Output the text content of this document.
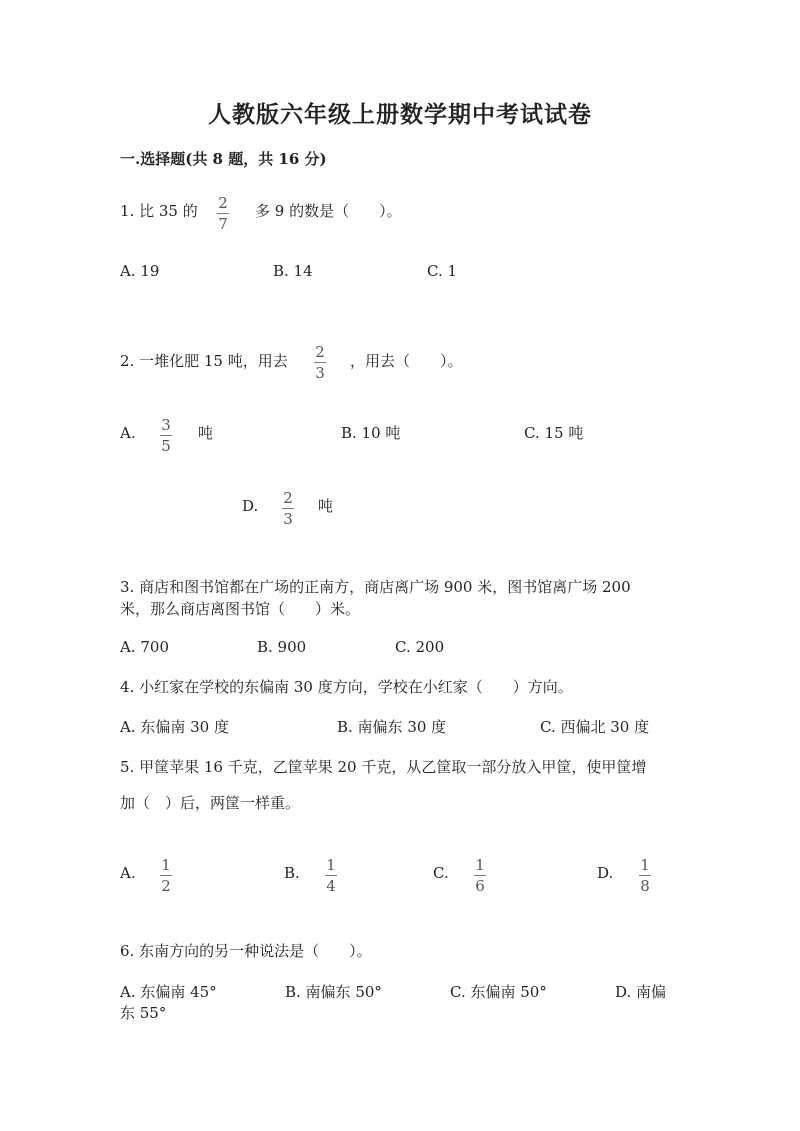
人教版六年级上册数学期中考试试卷
一.选择题(共 8 题，共 16 分)
1. 比 35 的 2
7
多 9 的数是（　　）。
A. 19	B. 14	C. 1
2. 一堆化肥 15 吨，用去 2
3
，用去（　　）。
A. 3
5
吨	B. 10 吨	C. 15 吨
D. 2
3
吨
3. 商店和图书馆都在广场的正南方，商店离广场 900 米，图书馆离广场 200
米，那么商店离图书馆（　　）米。
A. 700	B. 900	C. 200
4. 小红家在学校的东偏南 30 度方向，学校在小红家（　　）方向。
A. 东偏南 30 度	B. 南偏东 30 度	C. 西偏北 30 度
5. 甲筐苹果 16 千克，乙筐苹果 20 千克，从乙筐取一部分放入甲筐，使甲筐增
加（　）后，两筐一样重。
A. 1
2
B. 1
4
C. 1
6
D. 1
8
6. 东南方向的另一种说法是（　　）。
A. 东偏南 45°	B. 南偏东 50°	C. 东偏南 50°	D. 南偏
东 55°
